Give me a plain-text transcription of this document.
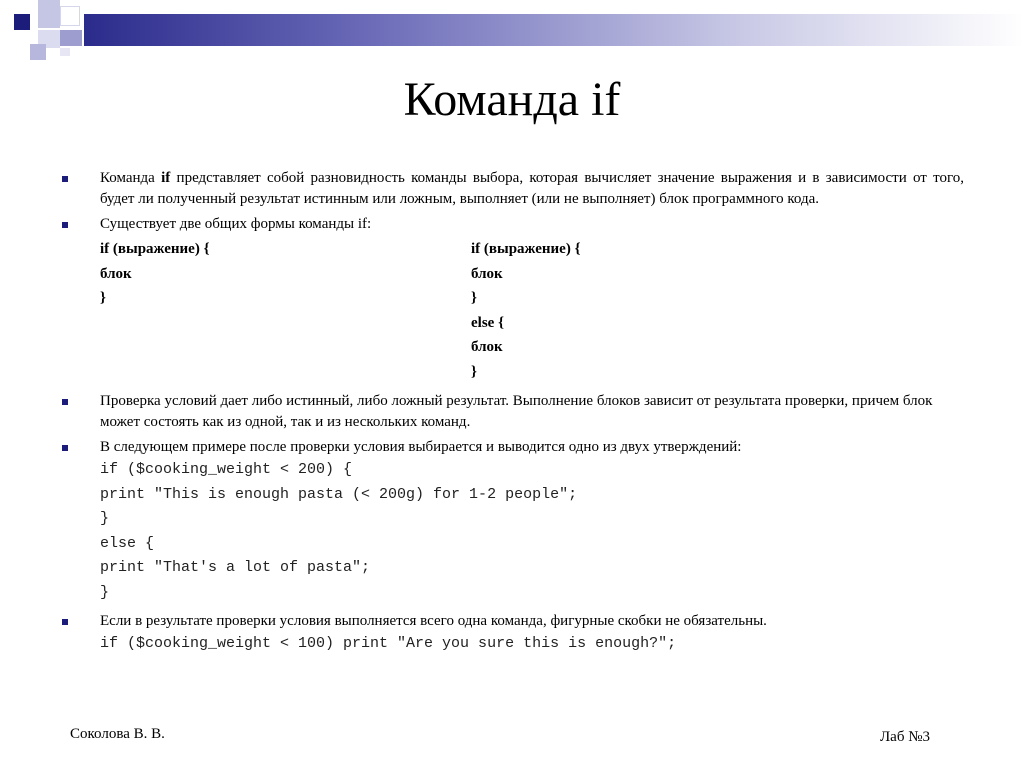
Команда if
Команда if представляет собой разновидность команды выбора, которая вычисляет значение выражения и в зависимости от того, будет ли полученный результат истинным или ложным, выполняет (или не выполняет) блок программного кода.
Существует две общих формы команды if:
if (выражение) {
блок
}
if (выражение) {
блок
}
else {
блок
}
Проверка условий дает либо истинный, либо ложный результат. Выполнение блоков зависит от результата проверки, причем блок может состоять как из одной, так и из нескольких команд.
В следующем примере после проверки условия выбирается и выводится одно из двух утверждений:
if ($cooking_weight < 200) {
print "This is enough pasta (< 200g) for 1-2 people";
}
else {
print "That's a lot of pasta";
}
Если в результате проверки условия выполняется всего одна команда, фигурные скобки не обязательны.
if ($cooking_weight < 100) print "Are you sure this is enough?";
Соколова В. В.	Лаб №3
